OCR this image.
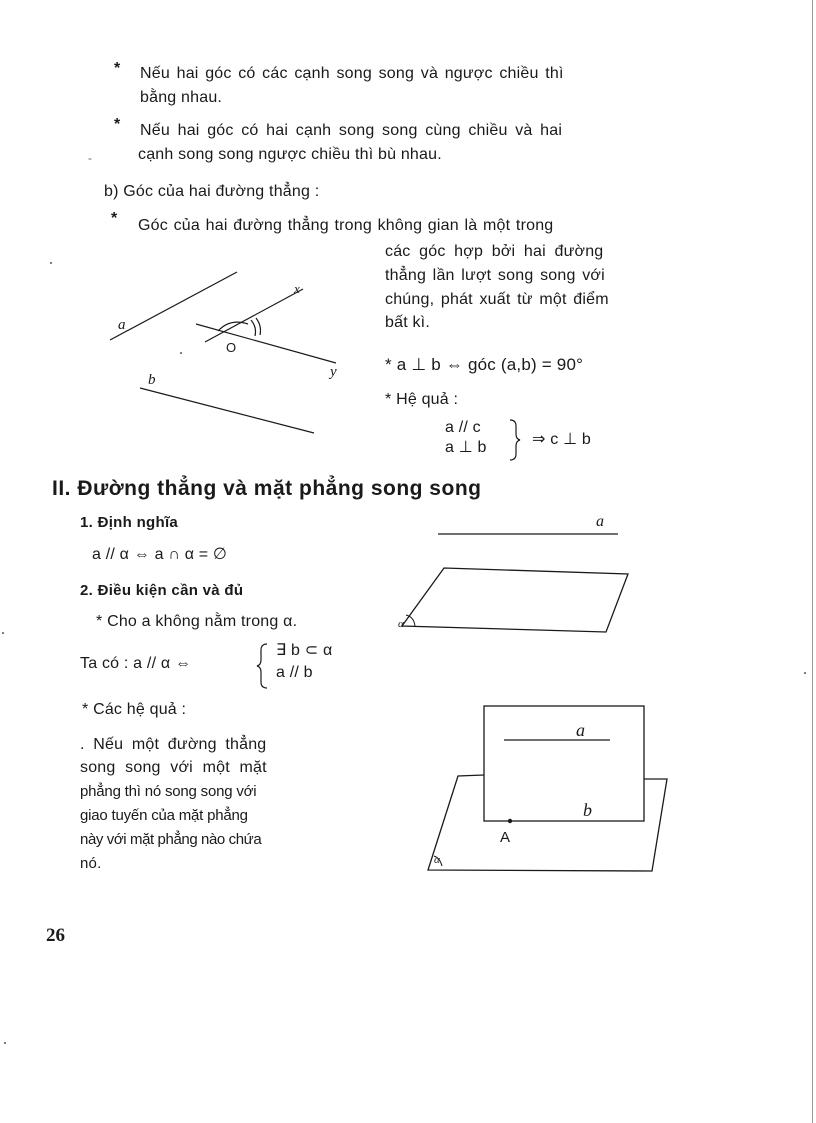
* Nếu hai góc có các cạnh song song và ngược chiều thì
bằng nhau.
* Nếu hai góc có hai cạnh song song cùng chiều và hai
cạnh song song ngược chiều thì bù nhau.
-
b) Góc của hai đường thẳng :
* Góc của hai đường thẳng trong không gian là một trong
các góc hợp bởi hai đường
thẳng lần lượt song song với
chúng, phát xuất từ một điểm
bất kì.
* a ⊥ b ⇔ góc (a,b) = 90°
* Hệ quả :
a // c
a ⊥ b	⇒ c ⊥ b
a
b
x
y
O
II. Đường thẳng và mặt phẳng song song
1. Định nghĩa
a // α ⇔ a ∩ α = ∅
2. Điều kiện cần và đủ
* Cho a không nằm trong α.
Ta có : a // α ⇔
∃ b ⊂ α
a // b
* Các hệ quả :
. Nếu một đường thẳng
song song với một mặt
phẳng thì nó song song với
giao tuyến của mặt phẳng
này với mặt phẳng nào chứa
nó.
a
α
a
b
A
α
26
